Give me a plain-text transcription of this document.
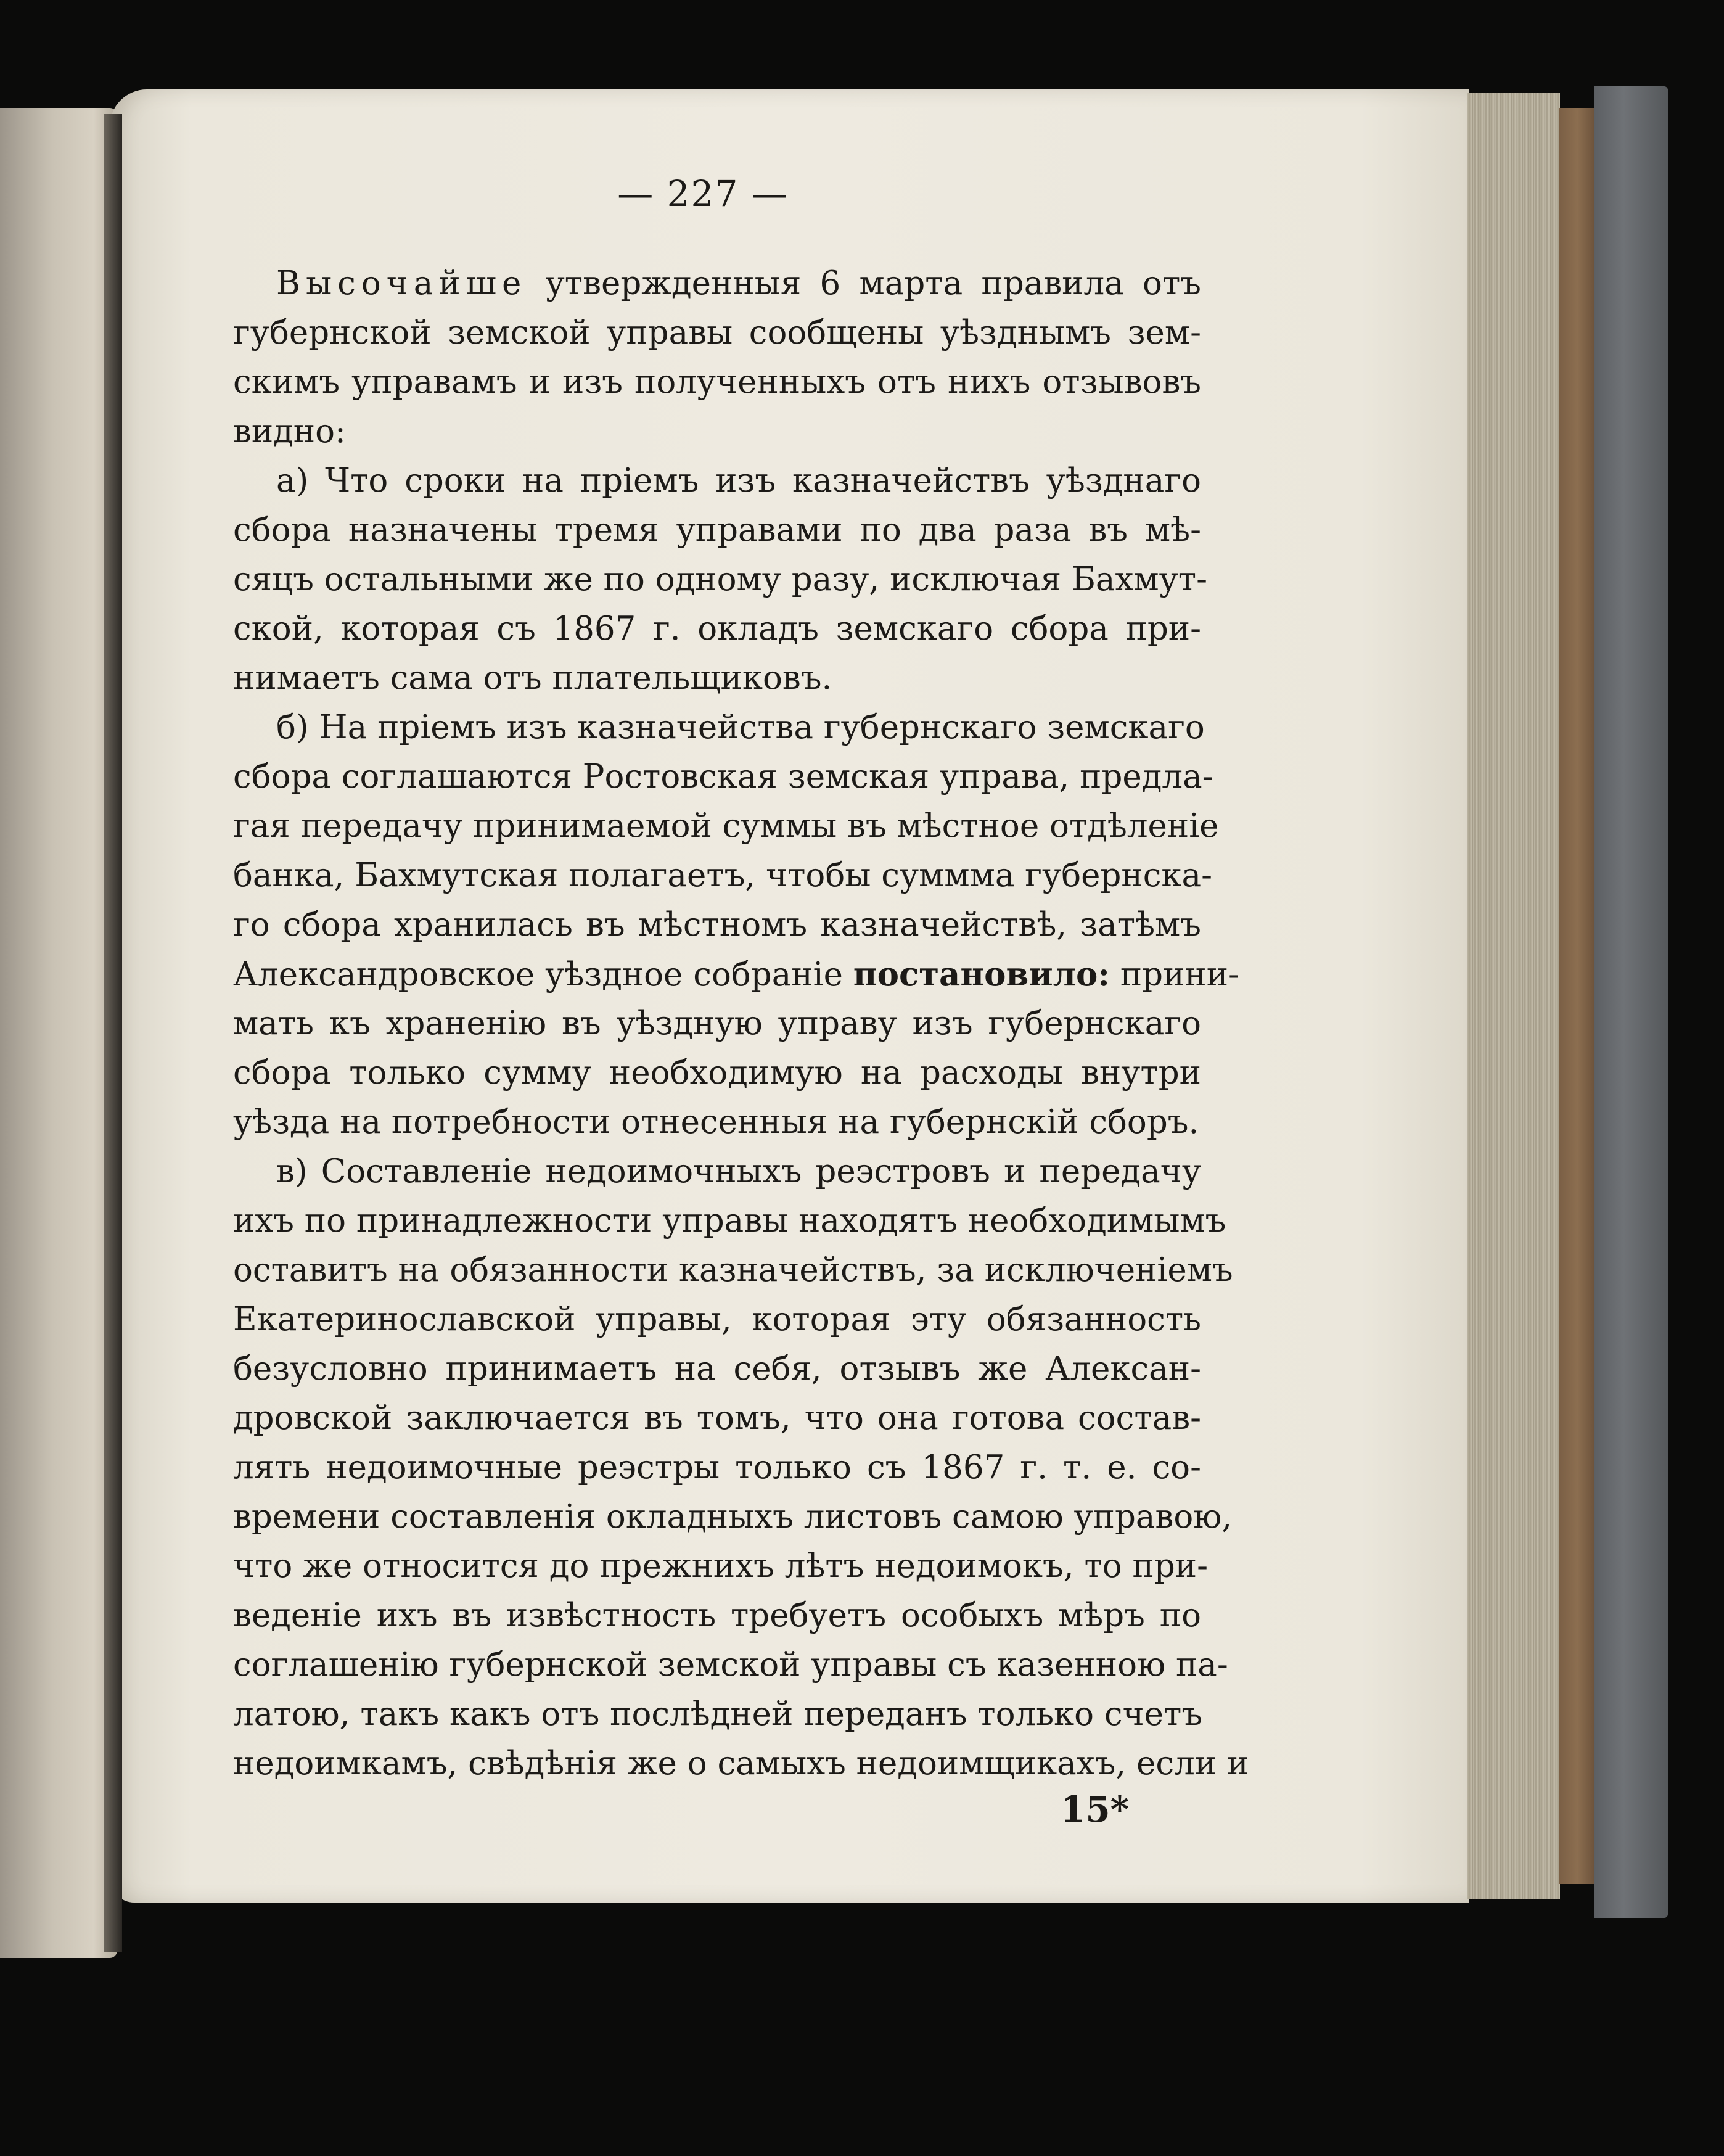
— 227 —
Высочайше утвержденныя 6 марта правила отъ
губернской земской управы сообщены уѣзднымъ зем-
скимъ управамъ и изъ полученныхъ отъ нихъ отзывовъ
видно:
а) Что сроки на пріемъ изъ казначействъ уѣзднаго
сбора назначены тремя управами по два раза въ мѣ-
сяцъ остальными же по одному разу, исключая Бахмут-
ской, которая съ 1867 г. окладъ земскаго сбора при-
нимаетъ сама отъ плательщиковъ.
б) На пріемъ изъ казначейства губернскаго земскаго
сбора соглашаются Ростовская земская управа, предла-
гая передачу принимаемой суммы въ мѣстное отдѣленіе
банка, Бахмутская полагаетъ, чтобы суммма губернска-
го сбора хранилась въ мѣстномъ казначействѣ, затѣмъ
Александровское уѣздное собраніе постановило: прини-
мать къ храненію въ уѣздную управу изъ губернскаго
сбора только сумму необходимую на расходы внутри
уѣзда на потребности отнесенныя на губернскій сборъ.
в) Составленіе недоимочныхъ реэстровъ и передачу
ихъ по принадлежности управы находятъ необходимымъ
оставитъ на обязанности казначействъ, за исключеніемъ
Екатеринославской управы, которая эту обязанность
безусловно принимаетъ на себя, отзывъ же Алексан-
дровской заключается въ томъ, что она готова состав-
лять недоимочные реэстры только съ 1867 г. т. е. со-
времени составленія окладныхъ листовъ самою управою,
что же относится до прежнихъ лѣтъ недоимокъ, то при-
веденіе ихъ въ извѣстность требуетъ особыхъ мѣръ по
соглашенію губернской земской управы съ казенною па-
латою, такъ какъ отъ послѣдней переданъ только счетъ
недоимкамъ, свѣдѣнія же о самыхъ недоимщикахъ, если и
15*
